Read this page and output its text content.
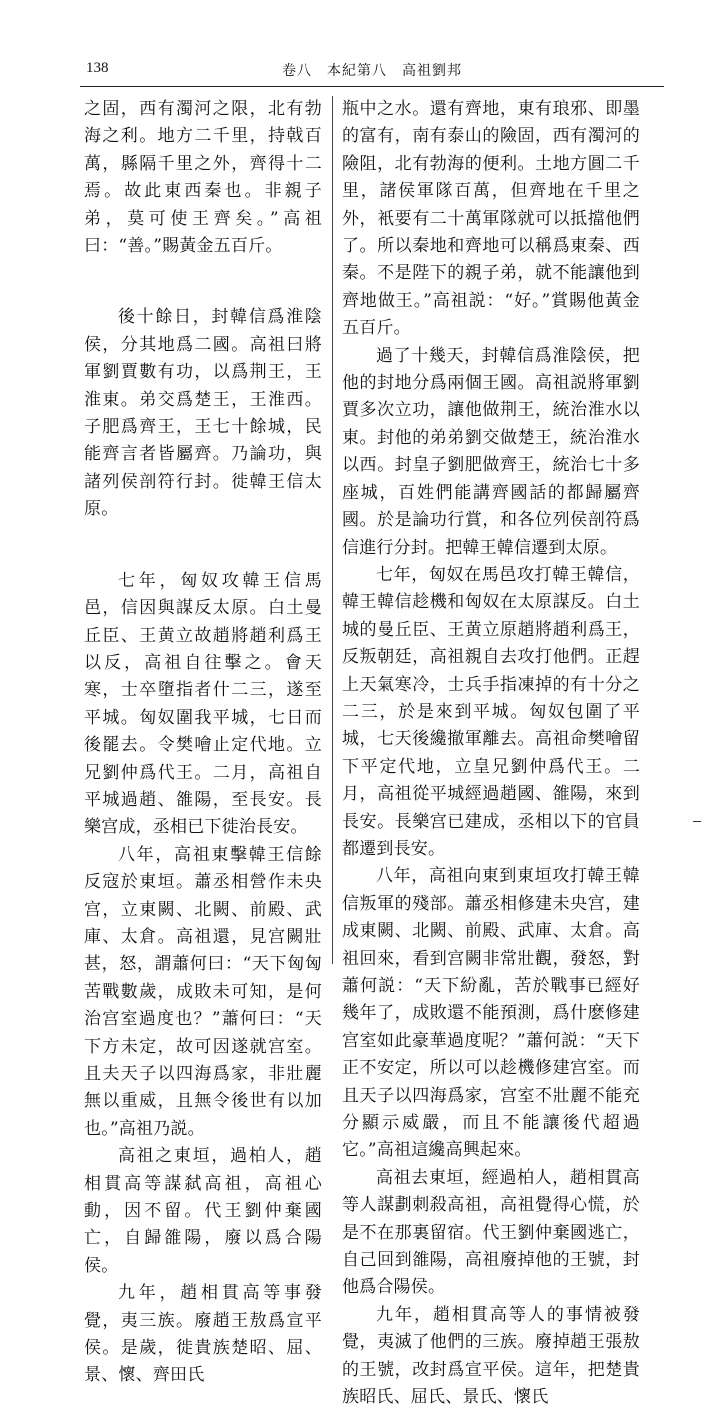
138	卷八　本紀第八　高祖劉邦

之固，西有濁河之限，北有勃海之利。地方二千里，持戟百萬，縣隔千里之外，齊得十二焉。故此東西秦也。非親子弟，莫可使王齊矣。”高祖曰：“善。”賜黃金五百斤。

後十餘日，封韓信爲淮陰侯，分其地爲二國。高祖曰將軍劉賈數有功，以爲荆王，王淮東。弟交爲楚王，王淮西。子肥爲齊王，王七十餘城，民能齊言者皆屬齊。乃論功，與諸列侯剖符行封。徙韓王信太原。

七年，匈奴攻韓王信馬邑，信因與謀反太原。白土曼丘臣、王黄立故趙將趙利爲王以反，高祖自往擊之。會天寒，士卒墮指者什二三，遂至平城。匈奴圍我平城，七日而後罷去。令樊噲止定代地。立兄劉仲爲代王。二月，高祖自平城過趙、雒陽，至長安。長樂宫成，丞相已下徙治長安。

八年，高祖東擊韓王信餘反寇於東垣。蕭丞相營作未央宫，立東闕、北闕、前殿、武庫、太倉。高祖還，見宫闕壯甚，怒，謂蕭何曰：“天下匈匈苦戰數歲，成敗未可知，是何治宫室過度也？”蕭何曰：“天下方未定，故可因遂就宫室。且夫天子以四海爲家，非壯麗無以重威，且無令後世有以加也。”高祖乃説。

高祖之東垣，過柏人，趙相貫高等謀弑高祖，高祖心動，因不留。代王劉仲棄國亡，自歸雒陽，廢以爲合陽侯。

九年，趙相貫高等事發覺，夷三族。廢趙王敖爲宣平侯。是歲，徙貴族楚昭、屈、景、懷、齊田氏

瓶中之水。還有齊地，東有琅邪、即墨的富有，南有泰山的險固，西有濁河的險阻，北有勃海的便利。土地方圓二千里，諸侯軍隊百萬，但齊地在千里之外，衹要有二十萬軍隊就可以抵擋他們了。所以秦地和齊地可以稱爲東秦、西秦。不是陛下的親子弟，就不能讓他到齊地做王。”高祖説：“好。”賞賜他黃金五百斤。

過了十幾天，封韓信爲淮陰侯，把他的封地分爲兩個王國。高祖説將軍劉賈多次立功，讓他做荆王，統治淮水以東。封他的弟弟劉交做楚王，統治淮水以西。封皇子劉肥做齊王，統治七十多座城，百姓們能講齊國話的都歸屬齊國。於是論功行賞，和各位列侯剖符爲信進行分封。把韓王韓信遷到太原。

七年，匈奴在馬邑攻打韓王韓信，韓王韓信趁機和匈奴在太原謀反。白土城的曼丘臣、王黄立原趙將趙利爲王，反叛朝廷，高祖親自去攻打他們。正趕上天氣寒冷，士兵手指凍掉的有十分之二三，於是來到平城。匈奴包圍了平城，七天後纔撤軍離去。高祖命樊噲留下平定代地，立皇兄劉仲爲代王。二月，高祖從平城經過趙國、雒陽，來到長安。長樂宫已建成，丞相以下的官員都遷到長安。

八年，高祖向東到東垣攻打韓王韓信叛軍的殘部。蕭丞相修建未央宫，建成東闕、北闕、前殿、武庫、太倉。高祖回來，看到宫闕非常壯觀，發怒，對蕭何説：“天下紛亂，苦於戰事已經好幾年了，成敗還不能預測，爲什麽修建宫室如此豪華過度呢？”蕭何説：“天下正不安定，所以可以趁機修建宫室。而且天子以四海爲家，宫室不壯麗不能充分顯示威嚴，而且不能讓後代超過它。”高祖這纔高興起來。

高祖去東垣，經過柏人，趙相貫高等人謀劃刺殺高祖，高祖覺得心慌，於是不在那裏留宿。代王劉仲棄國逃亡，自己回到雒陽，高祖廢掉他的王號，封他爲合陽侯。

九年，趙相貫高等人的事情被發覺，夷滅了他們的三族。廢掉趙王張敖的王號，改封爲宣平侯。這年，把楚貴族昭氏、屈氏、景氏、懷氏
